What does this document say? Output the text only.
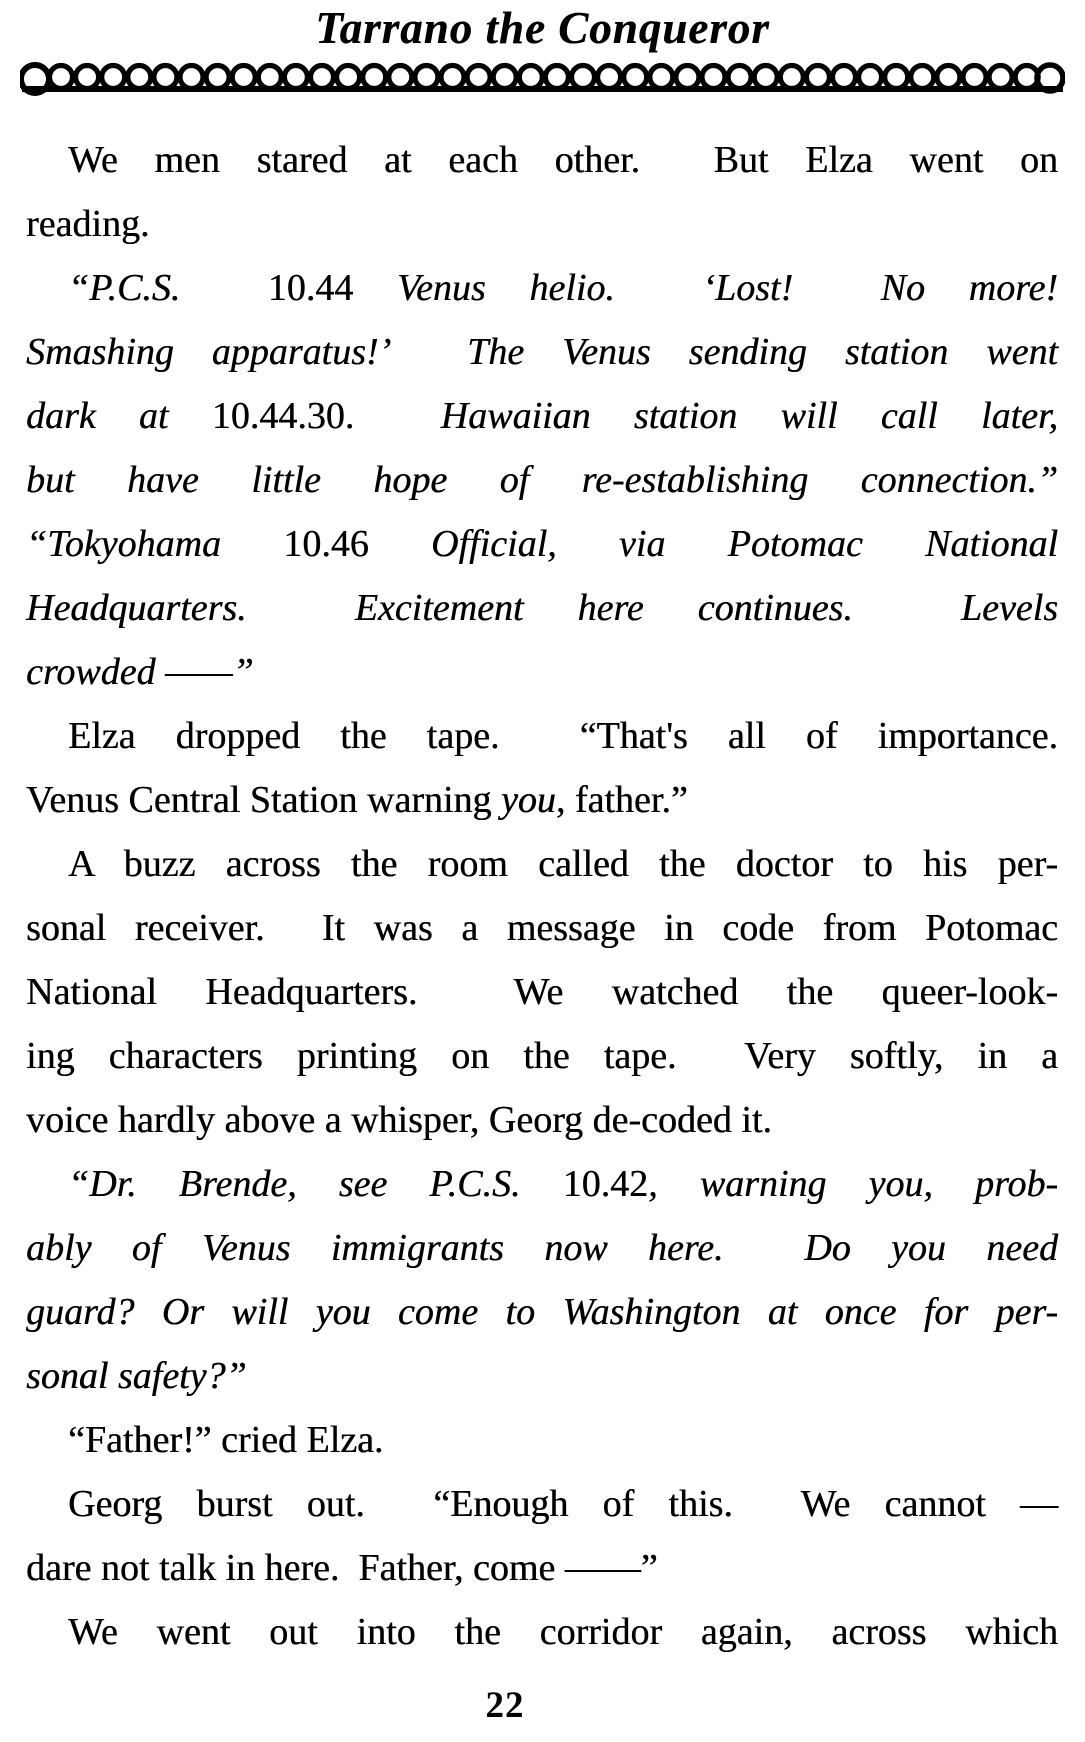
Tarrano the Conqueror
We men stared at each other.  But Elza went on
reading.
“P.C.S.  10.44 Venus helio.  ‘Lost!  No more!
Smashing apparatus!’  The Venus sending station went
dark at 10.44.30.  Hawaiian station will call later,
but have little hope of re-establishing connection.”
“Tokyohama 10.46 Official, via Potomac National
Headquarters.  Excitement here continues.  Levels
crowded ——”
Elza dropped the tape.  “That's all of importance.
Venus Central Station warning you, father.”
A buzz across the room called the doctor to his per-
sonal receiver.  It was a message in code from Potomac
National Headquarters.  We watched the queer-look-
ing characters printing on the tape.  Very softly, in a
voice hardly above a whisper, Georg de-coded it.
“Dr. Brende, see P.C.S. 10.42, warning you, prob-
ably of Venus immigrants now here.  Do you need
guard? Or will you come to Washington at once for per-
sonal safety?”
“Father!” cried Elza.
Georg burst out.  “Enough of this.  We cannot —
dare not talk in here.  Father, come ——”
We went out into the corridor again, across which
22
